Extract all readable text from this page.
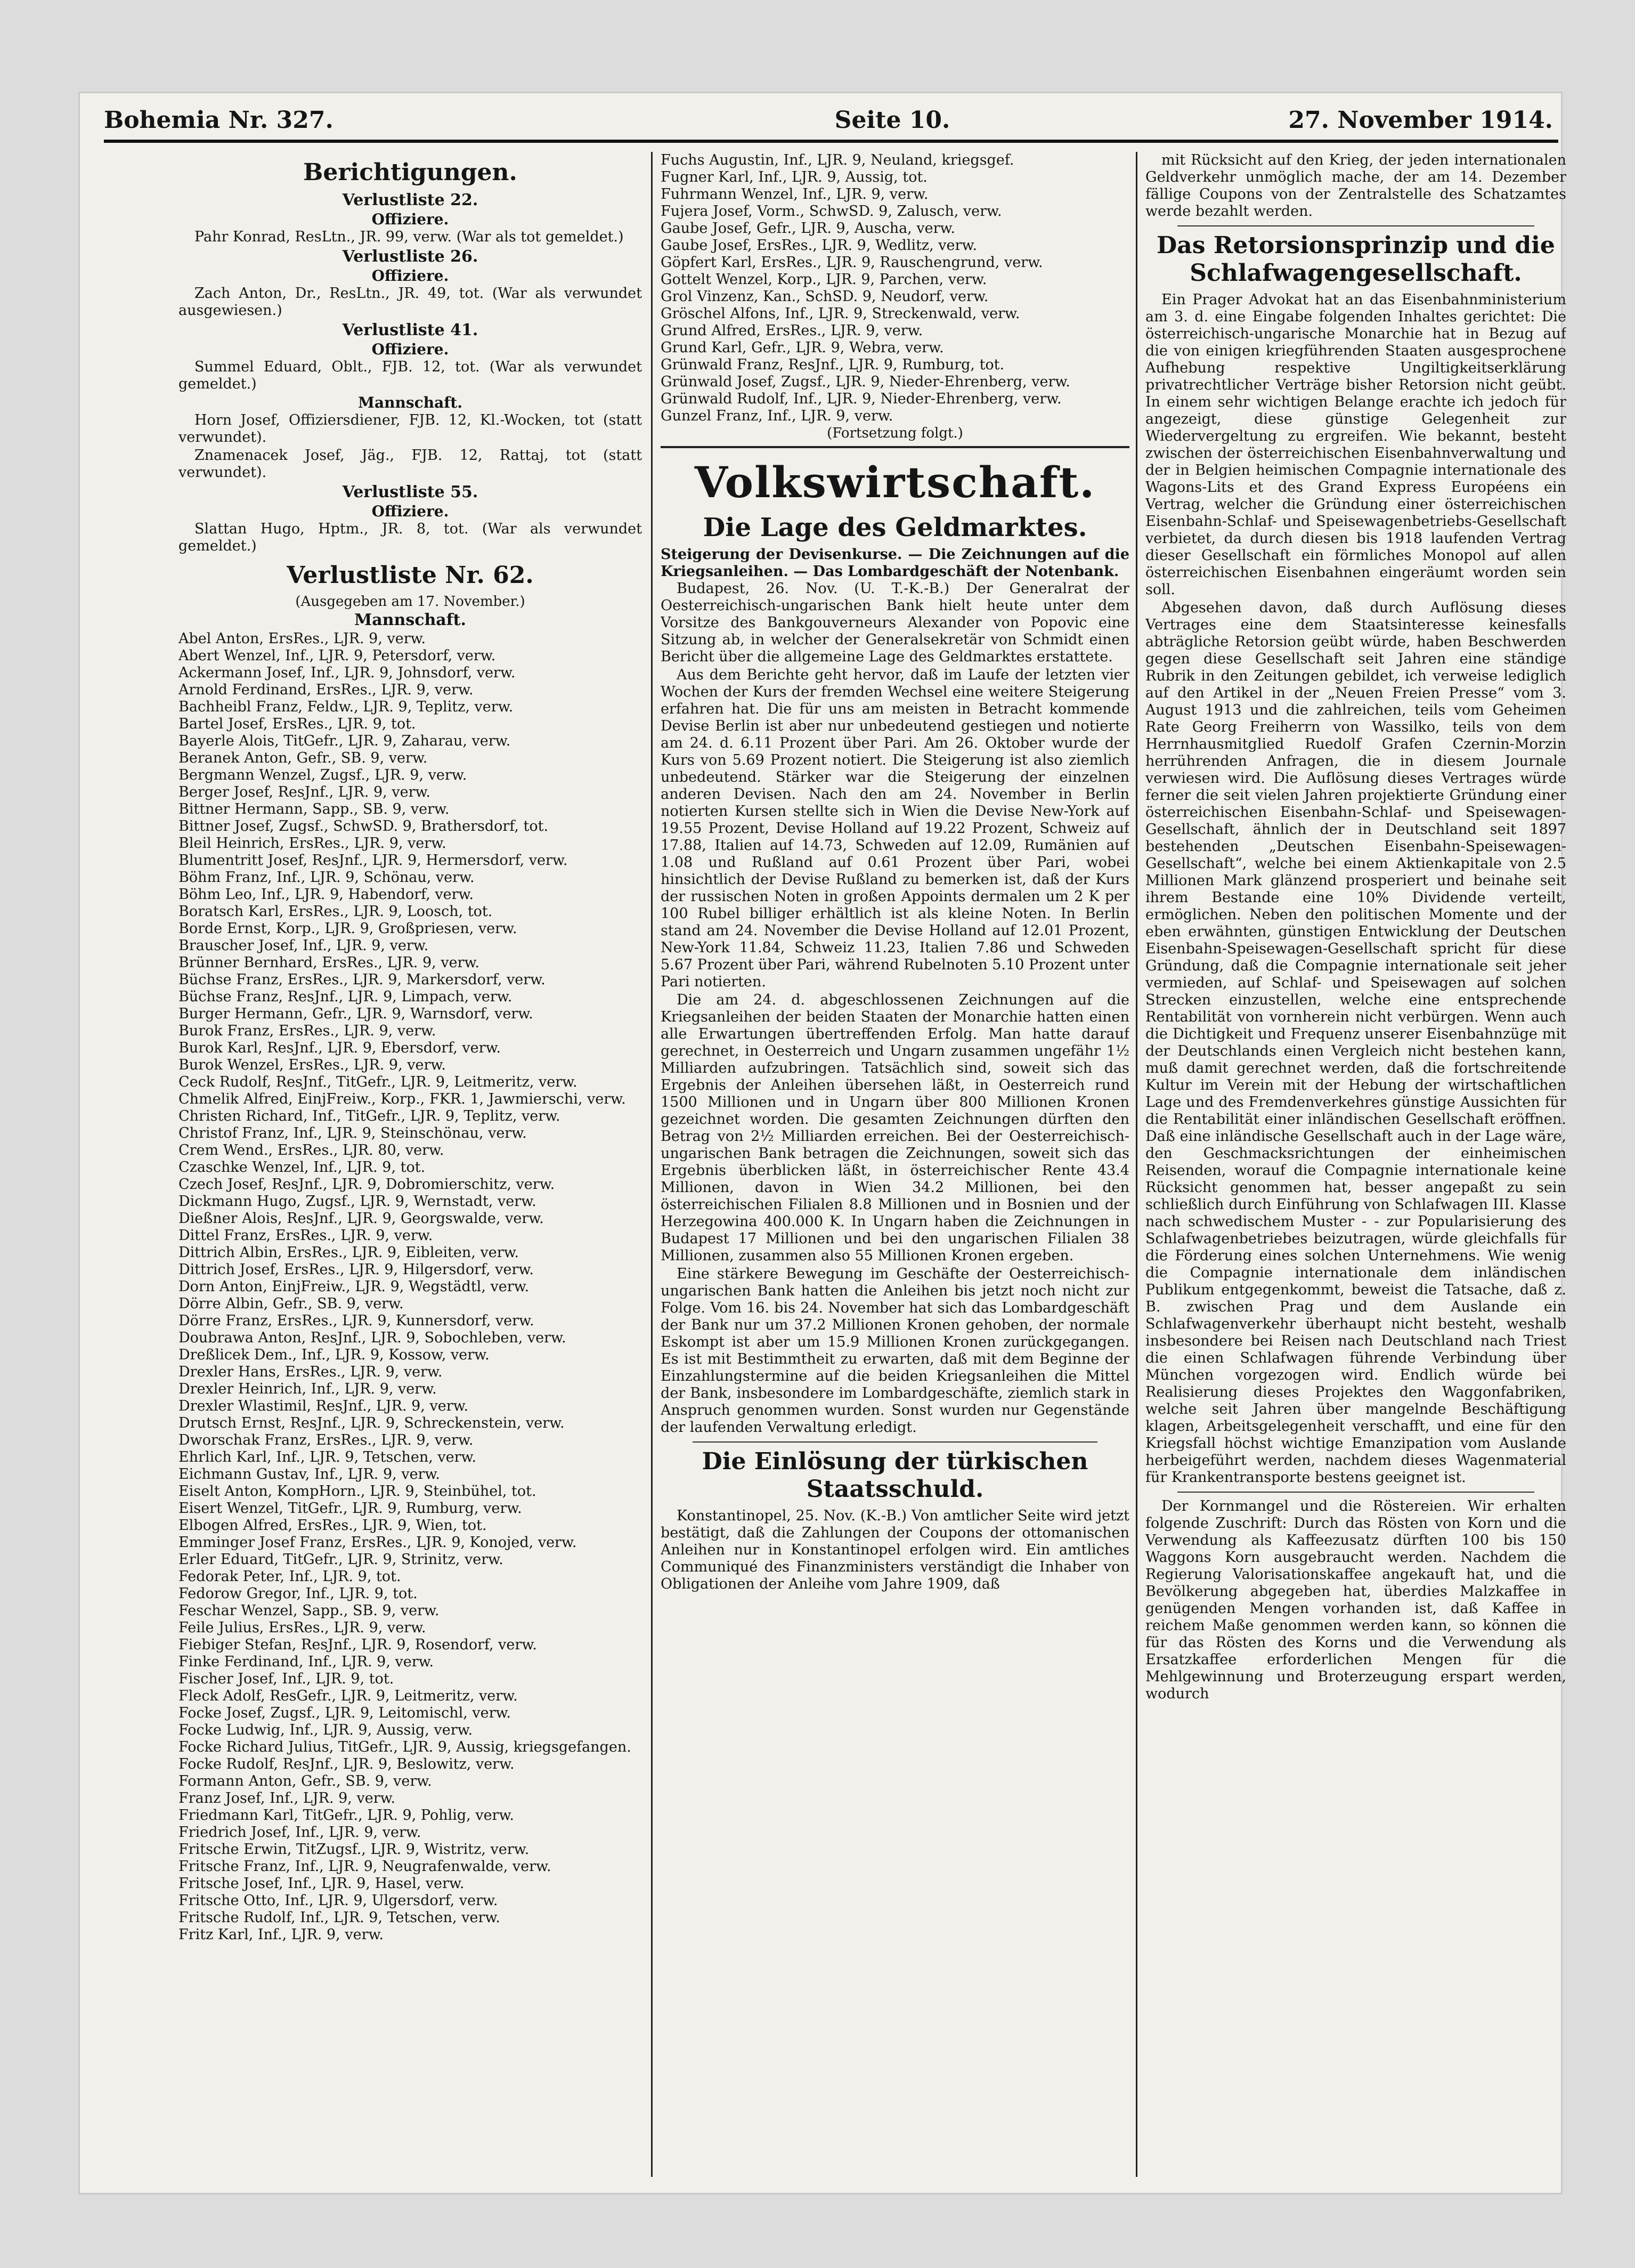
Bohemia Nr. 327.	Seite 10.	27. November 1914.
Berichtigungen.
Verlustliste 22.
Offiziere.

Pahr Konrad, ResLtn., JR. 99, verw. (War als tot gemeldet.)

Verlustliste 26.
Offiziere.

Zach Anton, Dr., ResLtn., JR. 49, tot. (War als verwundet ausgewiesen.)

Verlustliste 41.
Offiziere.

Summel Eduard, Oblt., FJB. 12, tot. (War als verwundet gemeldet.)

Mannschaft.

Horn Josef, Offiziersdiener, FJB. 12, Kl.-Wocken, tot (statt verwundet).

Znamenacek Josef, Jäg., FJB. 12, Rattaj, tot (statt verwundet).

Verlustliste 55.
Offiziere.

Slattan Hugo, Hptm., JR. 8, tot. (War als verwundet gemeldet.)

Verlustliste Nr. 62.
(Ausgegeben am 17. November.)
Mannschaft.
Abel Anton, ErsRes., LJR. 9, verw.
Abert Wenzel, Inf., LJR. 9, Petersdorf, verw.
Ackermann Josef, Inf., LJR. 9, Johnsdorf, verw.
Arnold Ferdinand, ErsRes., LJR. 9, verw.
Bachheibl Franz, Feldw., LJR. 9, Teplitz, verw.
Bartel Josef, ErsRes., LJR. 9, tot.
Bayerle Alois, TitGefr., LJR. 9, Zaharau, verw.
Beranek Anton, Gefr., SB. 9, verw.
Bergmann Wenzel, Zugsf., LJR. 9, verw.
Berger Josef, ResJnf., LJR. 9, verw.
Bittner Hermann, Sapp., SB. 9, verw.
Bittner Josef, Zugsf., SchwSD. 9, Brathersdorf, tot.
Bleil Heinrich, ErsRes., LJR. 9, verw.
Blumentritt Josef, ResJnf., LJR. 9, Hermersdorf, verw.
Böhm Franz, Inf., LJR. 9, Schönau, verw.
Böhm Leo, Inf., LJR. 9, Habendorf, verw.
Boratsch Karl, ErsRes., LJR. 9, Loosch, tot.
Borde Ernst, Korp., LJR. 9, Großpriesen, verw.
Brauscher Josef, Inf., LJR. 9, verw.
Brünner Bernhard, ErsRes., LJR. 9, verw.
Büchse Franz, ErsRes., LJR. 9, Markersdorf, verw.
Büchse Franz, ResJnf., LJR. 9, Limpach, verw.
Burger Hermann, Gefr., LJR. 9, Warnsdorf, verw.
Burok Franz, ErsRes., LJR. 9, verw.
Burok Karl, ResJnf., LJR. 9, Ebersdorf, verw.
Burok Wenzel, ErsRes., LJR. 9, verw.
Ceck Rudolf, ResJnf., TitGefr., LJR. 9, Leitmeritz, verw.
Chmelik Alfred, EinjFreiw., Korp., FKR. 1, Jawmierschi, verw.
Christen Richard, Inf., TitGefr., LJR. 9, Teplitz, verw.
Christof Franz, Inf., LJR. 9, Steinschönau, verw.
Crem Wend., ErsRes., LJR. 80, verw.
Czaschke Wenzel, Inf., LJR. 9, tot.
Czech Josef, ResJnf., LJR. 9, Dobromierschitz, verw.
Dickmann Hugo, Zugsf., LJR. 9, Wernstadt, verw.
Dießner Alois, ResJnf., LJR. 9, Georgswalde, verw.
Dittel Franz, ErsRes., LJR. 9, verw.
Dittrich Albin, ErsRes., LJR. 9, Eibleiten, verw.
Dittrich Josef, ErsRes., LJR. 9, Hilgersdorf, verw.
Dorn Anton, EinjFreiw., LJR. 9, Wegstädtl, verw.
Dörre Albin, Gefr., SB. 9, verw.
Dörre Franz, ErsRes., LJR. 9, Kunnersdorf, verw.
Doubrawa Anton, ResJnf., LJR. 9, Sobochleben, verw.
Dreßlicek Dem., Inf., LJR. 9, Kossow, verw.
Drexler Hans, ErsRes., LJR. 9, verw.
Drexler Heinrich, Inf., LJR. 9, verw.
Drexler Wlastimil, ResJnf., LJR. 9, verw.
Drutsch Ernst, ResJnf., LJR. 9, Schreckenstein, verw.
Dworschak Franz, ErsRes., LJR. 9, verw.
Ehrlich Karl, Inf., LJR. 9, Tetschen, verw.
Eichmann Gustav, Inf., LJR. 9, verw.
Eiselt Anton, KompHorn., LJR. 9, Steinbühel, tot.
Eisert Wenzel, TitGefr., LJR. 9, Rumburg, verw.
Elbogen Alfred, ErsRes., LJR. 9, Wien, tot.
Emminger Josef Franz, ErsRes., LJR. 9, Konojed, verw.
Erler Eduard, TitGefr., LJR. 9, Strinitz, verw.
Fedorak Peter, Inf., LJR. 9, tot.
Fedorow Gregor, Inf., LJR. 9, tot.
Feschar Wenzel, Sapp., SB. 9, verw.
Feile Julius, ErsRes., LJR. 9, verw.
Fiebiger Stefan, ResJnf., LJR. 9, Rosendorf, verw.
Finke Ferdinand, Inf., LJR. 9, verw.
Fischer Josef, Inf., LJR. 9, tot.
Fleck Adolf, ResGefr., LJR. 9, Leitmeritz, verw.
Focke Josef, Zugsf., LJR. 9, Leitomischl, verw.
Focke Ludwig, Inf., LJR. 9, Aussig, verw.
Focke Richard Julius, TitGefr., LJR. 9, Aussig, kriegsgefangen.
Focke Rudolf, ResJnf., LJR. 9, Beslowitz, verw.
Formann Anton, Gefr., SB. 9, verw.
Franz Josef, Inf., LJR. 9, verw.
Friedmann Karl, TitGefr., LJR. 9, Pohlig, verw.
Friedrich Josef, Inf., LJR. 9, verw.
Fritsche Erwin, TitZugsf., LJR. 9, Wistritz, verw.
Fritsche Franz, Inf., LJR. 9, Neugrafenwalde, verw.
Fritsche Josef, Inf., LJR. 9, Hasel, verw.
Fritsche Otto, Inf., LJR. 9, Ulgersdorf, verw.
Fritsche Rudolf, Inf., LJR. 9, Tetschen, verw.
Fritz Karl, Inf., LJR. 9, verw.
Fuchs Augustin, Inf., LJR. 9, Neuland, kriegsgef.
Fugner Karl, Inf., LJR. 9, Aussig, tot.
Fuhrmann Wenzel, Inf., LJR. 9, verw.
Fujera Josef, Vorm., SchwSD. 9, Zalusch, verw.
Gaube Josef, Gefr., LJR. 9, Auscha, verw.
Gaube Josef, ErsRes., LJR. 9, Wedlitz, verw.
Göpfert Karl, ErsRes., LJR. 9, Rauschengrund, verw.
Gottelt Wenzel, Korp., LJR. 9, Parchen, verw.
Grol Vinzenz, Kan., SchSD. 9, Neudorf, verw.
Gröschel Alfons, Inf., LJR. 9, Streckenwald, verw.
Grund Alfred, ErsRes., LJR. 9, verw.
Grund Karl, Gefr., LJR. 9, Webra, verw.
Grünwald Franz, ResJnf., LJR. 9, Rumburg, tot.
Grünwald Josef, Zugsf., LJR. 9, Nieder-Ehrenberg, verw.
Grünwald Rudolf, Inf., LJR. 9, Nieder-Ehrenberg, verw.
Gunzel Franz, Inf., LJR. 9, verw.
(Fortsetzung folgt.)
Volkswirtschaft.
Die Lage des Geldmarktes.
Steigerung der Devisenkurse. — Die Zeichnungen auf die Kriegsanleihen. — Das Lombardgeschäft der Notenbank.

Budapest, 26. Nov. (U. T.-K.-B.) Der Generalrat der Oesterreichisch-ungarischen Bank hielt heute unter dem Vorsitze des Bankgouverneurs Alexander von Popovic eine Sitzung ab, in welcher der Generalsekretär von Schmidt einen Bericht über die allgemeine Lage des Geldmarktes erstattete.

Aus dem Berichte geht hervor, daß im Laufe der letzten vier Wochen der Kurs der fremden Wechsel eine weitere Steigerung erfahren hat. Die für uns am meisten in Betracht kommende Devise Berlin ist aber nur unbedeutend gestiegen und notierte am 24. d. 6.11 Prozent über Pari. Am 26. Oktober wurde der Kurs von 5.69 Prozent notiert. Die Steigerung ist also ziemlich unbedeutend. Stärker war die Steigerung der einzelnen anderen Devisen. Nach den am 24. November in Berlin notierten Kursen stellte sich in Wien die Devise New-York auf 19.55 Prozent, Devise Holland auf 19.22 Prozent, Schweiz auf 17.88, Italien auf 14.73, Schweden auf 12.09, Rumänien auf 1.08 und Rußland auf 0.61 Prozent über Pari, wobei hinsichtlich der Devise Rußland zu bemerken ist, daß der Kurs der russischen Noten in großen Appoints dermalen um 2 K per 100 Rubel billiger erhältlich ist als kleine Noten. In Berlin stand am 24. November die Devise Holland auf 12.01 Prozent, New-York 11.84, Schweiz 11.23, Italien 7.86 und Schweden 5.67 Prozent über Pari, während Rubelnoten 5.10 Prozent unter Pari notierten.

Die am 24. d. abgeschlossenen Zeichnungen auf die Kriegsanleihen der beiden Staaten der Monarchie hatten einen alle Erwartungen übertreffenden Erfolg. Man hatte darauf gerechnet, in Oesterreich und Ungarn zusammen ungefähr 1½ Milliarden aufzubringen. Tatsächlich sind, soweit sich das Ergebnis der Anleihen übersehen läßt, in Oesterreich rund 1500 Millionen und in Ungarn über 800 Millionen Kronen gezeichnet worden. Die gesamten Zeichnungen dürften den Betrag von 2½ Milliarden erreichen. Bei der Oesterreichisch-ungarischen Bank betragen die Zeichnungen, soweit sich das Ergebnis überblicken läßt, in österreichischer Rente 43.4 Millionen, davon in Wien 34.2 Millionen, bei den österreichischen Filialen 8.8 Millionen und in Bosnien und der Herzegowina 400.000 K. In Ungarn haben die Zeichnungen in Budapest 17 Millionen und bei den ungarischen Filialen 38 Millionen, zusammen also 55 Millionen Kronen ergeben.

Eine stärkere Bewegung im Geschäfte der Oesterreichisch-ungarischen Bank hatten die Anleihen bis jetzt noch nicht zur Folge. Vom 16. bis 24. November hat sich das Lombardgeschäft der Bank nur um 37.2 Millionen Kronen gehoben, der normale Eskompt ist aber um 15.9 Millionen Kronen zurückgegangen. Es ist mit Bestimmtheit zu erwarten, daß mit dem Beginne der Einzahlungstermine auf die beiden Kriegsanleihen die Mittel der Bank, insbesondere im Lombardgeschäfte, ziemlich stark in Anspruch genommen wurden. Sonst wurden nur Gegenstände der laufenden Verwaltung erledigt.

Die Einlösung der türkischen Staatsschuld.

Konstantinopel, 25. Nov. (K.-B.) Von amtlicher Seite wird jetzt bestätigt, daß die Zahlungen der Coupons der ottomanischen Anleihen nur in Konstantinopel erfolgen wird. Ein amtliches Communiqué des Finanzministers verständigt die Inhaber von Obligationen der Anleihe vom Jahre 1909, daß

mit Rücksicht auf den Krieg, der jeden internationalen Geldverkehr unmöglich mache, der am 14. Dezember fällige Coupons von der Zentralstelle des Schatzamtes werde bezahlt werden.

Das Retorsionsprinzip und die Schlafwagengesellschaft.

Ein Prager Advokat hat an das Eisenbahnministerium am 3. d. eine Eingabe folgenden Inhaltes gerichtet: Die österreichisch-ungarische Monarchie hat in Bezug auf die von einigen kriegführenden Staaten ausgesprochene Aufhebung respektive Ungiltigkeitserklärung privatrechtlicher Verträge bisher Retorsion nicht geübt. In einem sehr wichtigen Belange erachte ich jedoch für angezeigt, diese günstige Gelegenheit zur Wiedervergeltung zu ergreifen. Wie bekannt, besteht zwischen der österreichischen Eisenbahnverwaltung und der in Belgien heimischen Compagnie internationale des Wagons-Lits et des Grand Express Européens ein Vertrag, welcher die Gründung einer österreichischen Eisenbahn-Schlaf- und Speisewagenbetriebs-Gesellschaft verbietet, da durch diesen bis 1918 laufenden Vertrag dieser Gesellschaft ein förmliches Monopol auf allen österreichischen Eisenbahnen eingeräumt worden sein soll.

Abgesehen davon, daß durch Auflösung dieses Vertrages eine dem Staatsinteresse keinesfalls abträgliche Retorsion geübt würde, haben Beschwerden gegen diese Gesellschaft seit Jahren eine ständige Rubrik in den Zeitungen gebildet, ich verweise lediglich auf den Artikel in der „Neuen Freien Presse“ vom 3. August 1913 und die zahlreichen, teils vom Geheimen Rate Georg Freiherrn von Wassilko, teils von dem Herrnhausmitglied Ruedolf Grafen Czernin-Morzin herrührenden Anfragen, die in diesem Journale verwiesen wird. Die Auflösung dieses Vertrages würde ferner die seit vielen Jahren projektierte Gründung einer österreichischen Eisenbahn-Schlaf- und Speisewagen-Gesellschaft, ähnlich der in Deutschland seit 1897 bestehenden „Deutschen Eisenbahn-Speisewagen-Gesellschaft“, welche bei einem Aktienkapitale von 2.5 Millionen Mark glänzend prosperiert und beinahe seit ihrem Bestande eine 10% Dividende verteilt, ermöglichen. Neben den politischen Momente und der eben erwähnten, günstigen Entwicklung der Deutschen Eisenbahn-Speisewagen-Gesellschaft spricht für diese Gründung, daß die Compagnie internationale seit jeher vermieden, auf Schlaf- und Speisewagen auf solchen Strecken einzustellen, welche eine entsprechende Rentabilität von vornherein nicht verbürgen. Wenn auch die Dichtigkeit und Frequenz unserer Eisenbahnzüge mit der Deutschlands einen Vergleich nicht bestehen kann, muß damit gerechnet werden, daß die fortschreitende Kultur im Verein mit der Hebung der wirtschaftlichen Lage und des Fremdenverkehres günstige Aussichten für die Rentabilität einer inländischen Gesellschaft eröffnen. Daß eine inländische Gesellschaft auch in der Lage wäre, den Geschmacksrichtungen der einheimischen Reisenden, worauf die Compagnie internationale keine Rücksicht genommen hat, besser angepaßt zu sein schließlich durch Einführung von Schlafwagen III. Klasse nach schwedischem Muster - - zur Popularisierung des Schlafwagenbetriebes beizutragen, würde gleichfalls für die Förderung eines solchen Unternehmens. Wie wenig die Compagnie internationale dem inländischen Publikum entgegenkommt, beweist die Tatsache, daß z. B. zwischen Prag und dem Auslande ein Schlafwagenverkehr überhaupt nicht besteht, weshalb insbesondere bei Reisen nach Deutschland nach Triest die einen Schlafwagen führende Verbindung über München vorgezogen wird. Endlich würde bei Realisierung dieses Projektes den Waggonfabriken, welche seit Jahren über mangelnde Beschäftigung klagen, Arbeitsgelegenheit verschafft, und eine für den Kriegsfall höchst wichtige Emanzipation vom Auslande herbeigeführt werden, nachdem dieses Wagenmaterial für Krankentransporte bestens geeignet ist.

Der Kornmangel und die Röstereien. Wir erhalten folgende Zuschrift: Durch das Rösten von Korn und die Verwendung als Kaffeezusatz dürften 100 bis 150 Waggons Korn ausgebraucht werden. Nachdem die Regierung Valorisationskaffee angekauft hat, und die Bevölkerung abgegeben hat, überdies Malzkaffee in genügenden Mengen vorhanden ist, daß Kaffee in reichem Maße genommen werden kann, so können die für das Rösten des Korns und die Verwendung als Ersatzkaffee erforderlichen Mengen für die Mehlgewinnung und Broterzeugung erspart werden, wodurch
